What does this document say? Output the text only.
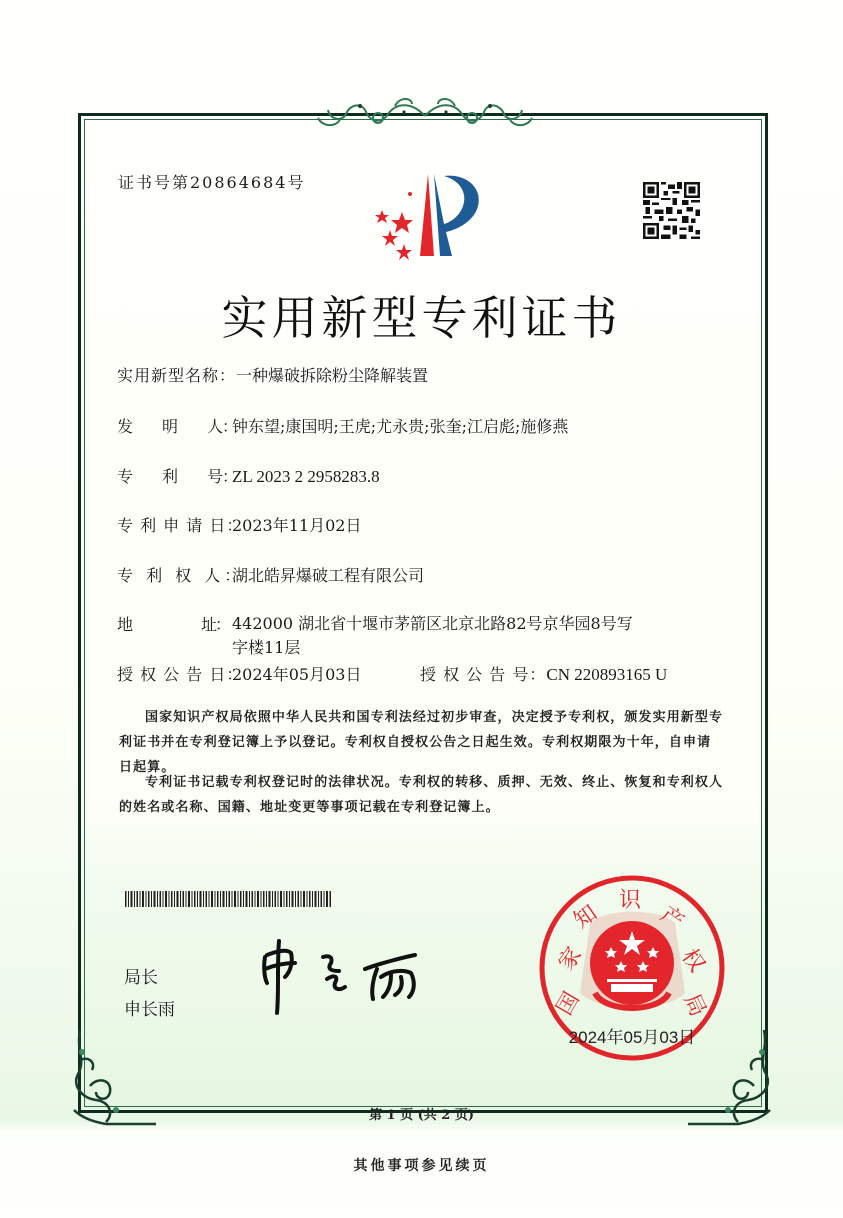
证书号第20864684号
实用新型专利证书
实用新型名称：一种爆破拆除粉尘降解装置
发　　明　　人：钟东望;康国明;王虎;尤永贵;张奎;江启彪;施修燕
专　　利　　号：ZL 2023 2 2958283.8
专 利 申 请 日：2023年11月02日
专 利 权 人：湖北皓昇爆破工程有限公司
地　　　　　址： 442000 湖北省十堰市茅箭区北京北路82号京华园8号写
字楼11层
授 权 公 告 日：2024年05月03日	授 权 公 告 号：CN 220893165 U
国家知识产权局依照中华人民共和国专利法经过初步审查，决定授予专利权，颁发实用新型专利证书并在专利登记簿上予以登记。专利权自授权公告之日起生效。专利权期限为十年，自申请日起算。
专利证书记载专利权登记时的法律状况。专利权的转移、质押、无效、终止、恢复和专利权人的姓名或名称、国籍、地址变更等事项记载在专利登记簿上。
局长
申长雨	国
家
知
识
产
权
局
2024年05月03日
第 1 页 (共 2 页)
其他事项参见续页
